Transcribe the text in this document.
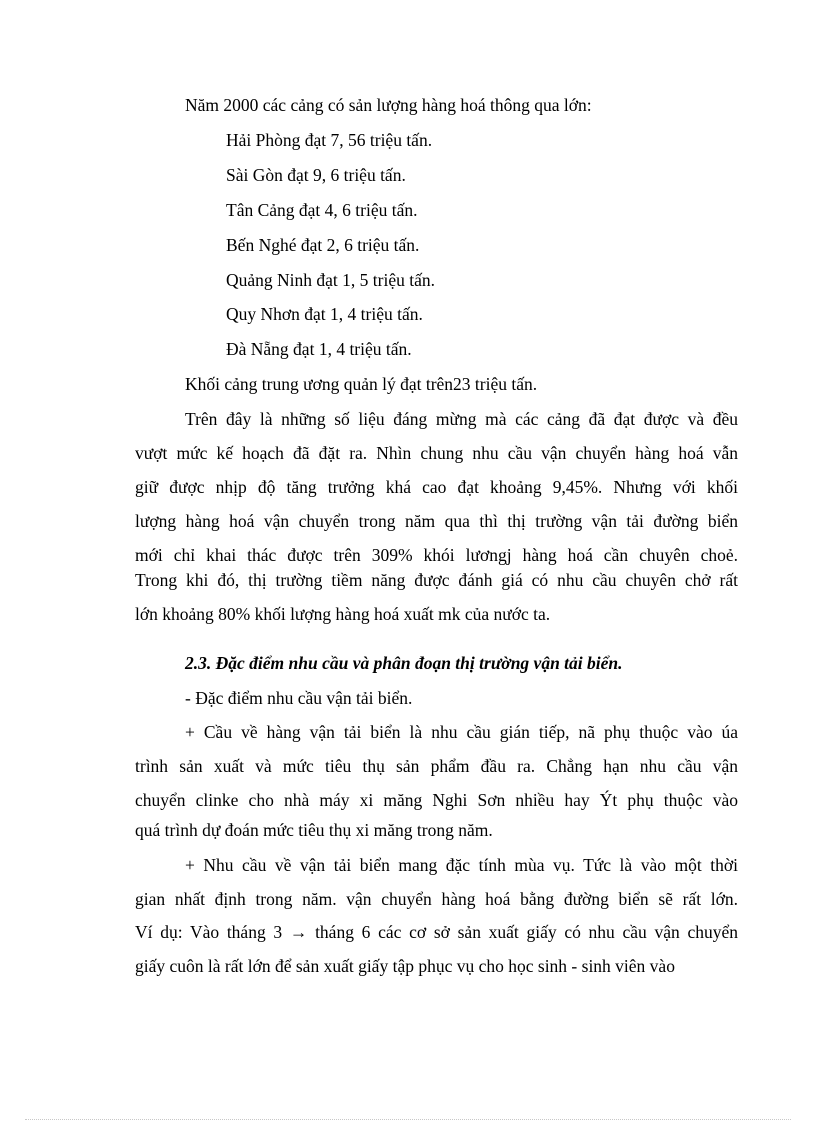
Năm 2000 các cảng có sản lượng hàng hoá thông qua lớn:
Hải Phòng đạt 7, 56 triệu tấn.
Sài Gòn đạt 9, 6 triệu tấn.
Tân Cảng đạt 4, 6 triệu tấn.
Bến Nghé đạt 2, 6 triệu tấn.
Quảng Ninh đạt 1, 5 triệu tấn.
Quy Nhơn đạt 1, 4 triệu tấn.
Đà Nẵng đạt 1, 4 triệu tấn.
Khối cảng trung ương quản lý đạt trên23 triệu tấn.
Trên đây là những số liệu đáng mừng mà các cảng đã đạt được và đều
vượt mức kế hoạch đã đặt ra. Nhìn chung nhu cầu vận chuyển hàng hoá vẫn
giữ được nhịp độ tăng trưởng khá cao đạt khoảng 9,45%. Nhưng với khối
lượng hàng hoá vận chuyển trong năm qua thì thị trường vận tải đường biển
mới chỉ khai thác được trên 309% khói lươngj hàng hoá cần chuyên choẻ.
Trong khi đó, thị trường tiềm năng được đánh giá có nhu cầu chuyên chở rất
lớn khoảng 80% khối lượng hàng hoá xuất mk của nước ta.
2.3. Đặc điểm nhu cầu và phân đoạn thị trường vận tải biển.
- Đặc điểm nhu cầu vận tải biển.
+ Cầu về hàng vận tải biển là nhu cầu gián tiếp, nã phụ thuộc vào úa
trình sản xuất và mức tiêu thụ sản phẩm đầu ra. Chẳng hạn nhu cầu vận
chuyển clinke cho nhà máy xi măng Nghi Sơn nhiều hay Ýt phụ thuộc vào
quá trình dự đoán mức tiêu thụ xi măng trong năm.
+ Nhu cầu về vận tải biển mang đặc tính mùa vụ. Tức là vào một thời
gian nhất định trong năm. vận chuyển hàng hoá bằng đường biển sẽ rất lớn.
Ví dụ: Vào tháng 3 → tháng 6 các cơ sở sản xuất giấy có nhu cầu vận chuyển
giấy cuôn là rất lớn để sản xuất giấy tập phục vụ cho học sinh - sinh viên vào
